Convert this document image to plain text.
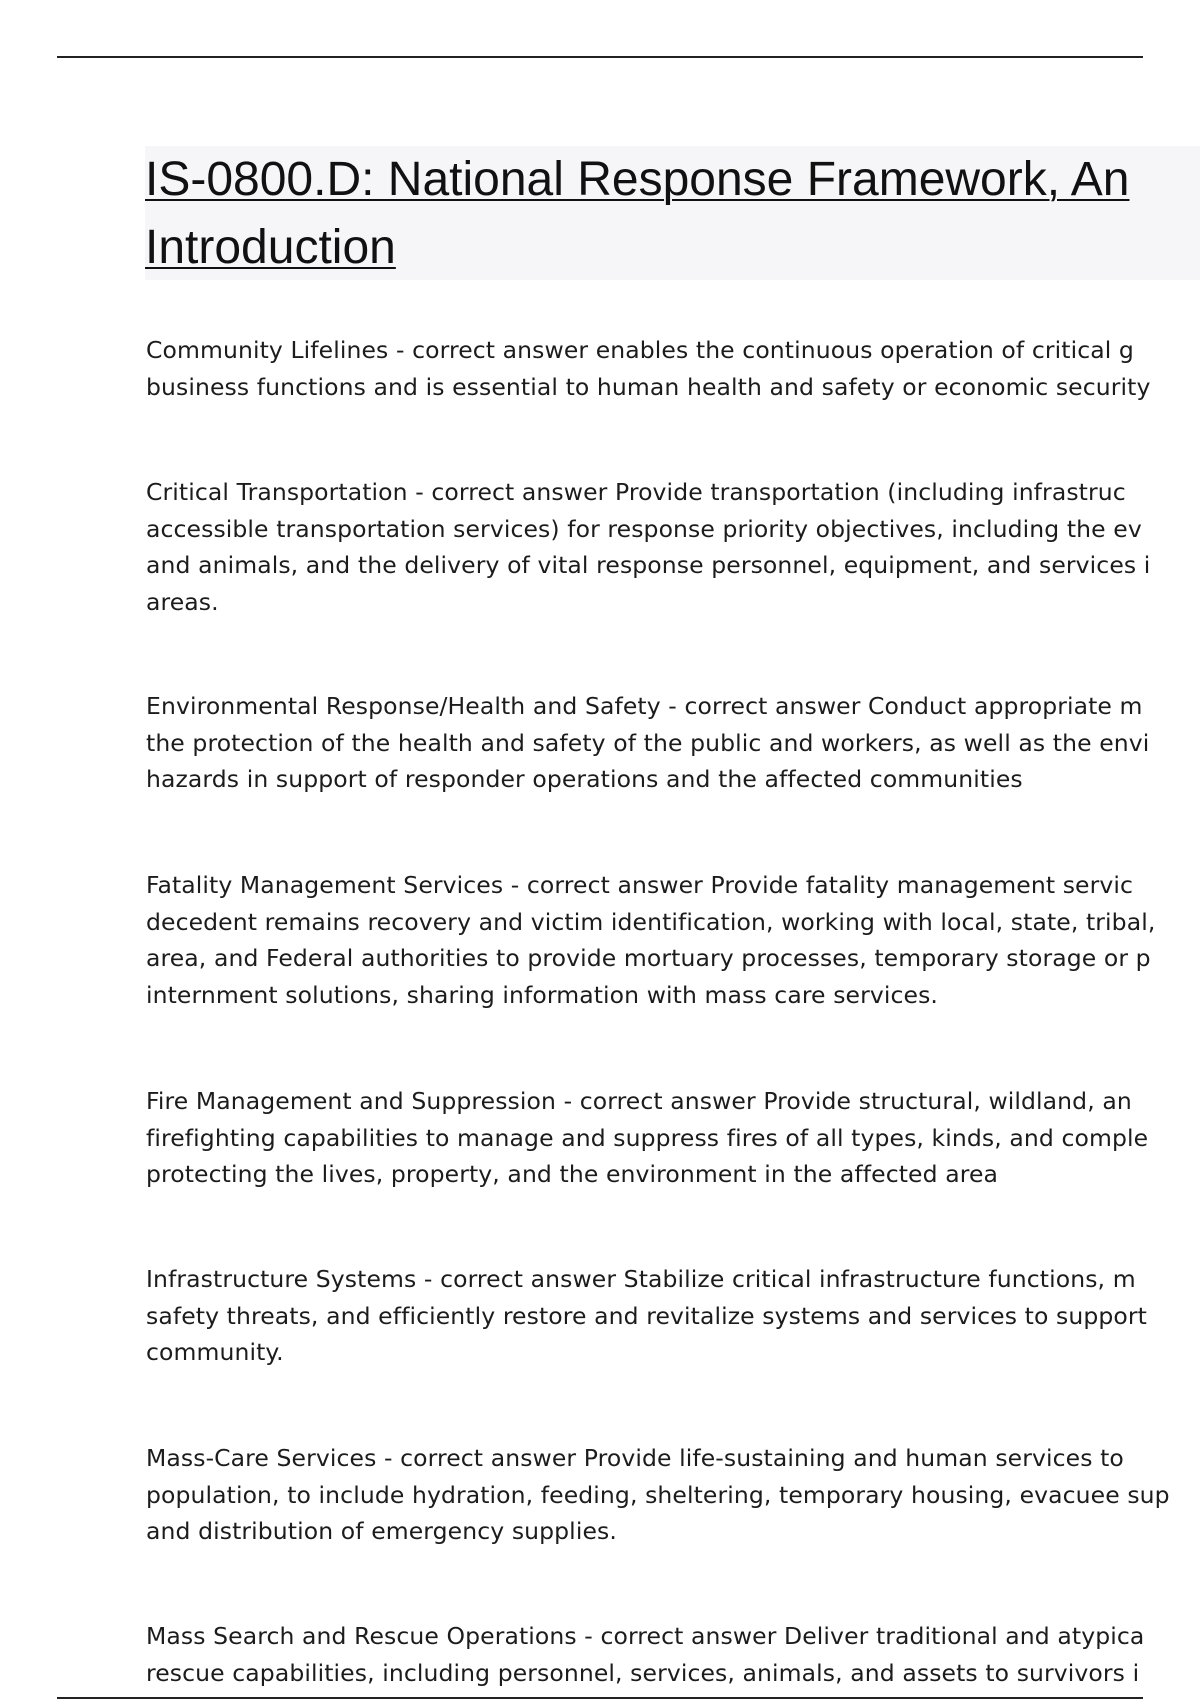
IS-0800.D: National Response Framework, An
Introduction
Community Lifelines - correct answer enables the continuous operation of critical g
business functions and is essential to human health and safety or economic security
Critical Transportation - correct answer Provide transportation (including infrastruc
accessible transportation services) for response priority objectives, including the ev
and animals, and the delivery of vital response personnel, equipment, and services i
areas.
Environmental Response/Health and Safety - correct answer Conduct appropriate m
the protection of the health and safety of the public and workers, as well as the envi
hazards in support of responder operations and the affected communities
Fatality Management Services - correct answer Provide fatality management servic
decedent remains recovery and victim identification, working with local, state, tribal,
area, and Federal authorities to provide mortuary processes, temporary storage or p
internment solutions, sharing information with mass care services.
Fire Management and Suppression - correct answer Provide structural, wildland, an
firefighting capabilities to manage and suppress fires of all types, kinds, and comple
protecting the lives, property, and the environment in the affected area
Infrastructure Systems - correct answer Stabilize critical infrastructure functions, m
safety threats, and efficiently restore and revitalize systems and services to support
community.
Mass-Care Services - correct answer Provide life-sustaining and human services to
population, to include hydration, feeding, sheltering, temporary housing, evacuee sup
and distribution of emergency supplies.
Mass Search and Rescue Operations - correct answer Deliver traditional and atypica
rescue capabilities, including personnel, services, animals, and assets to survivors i
